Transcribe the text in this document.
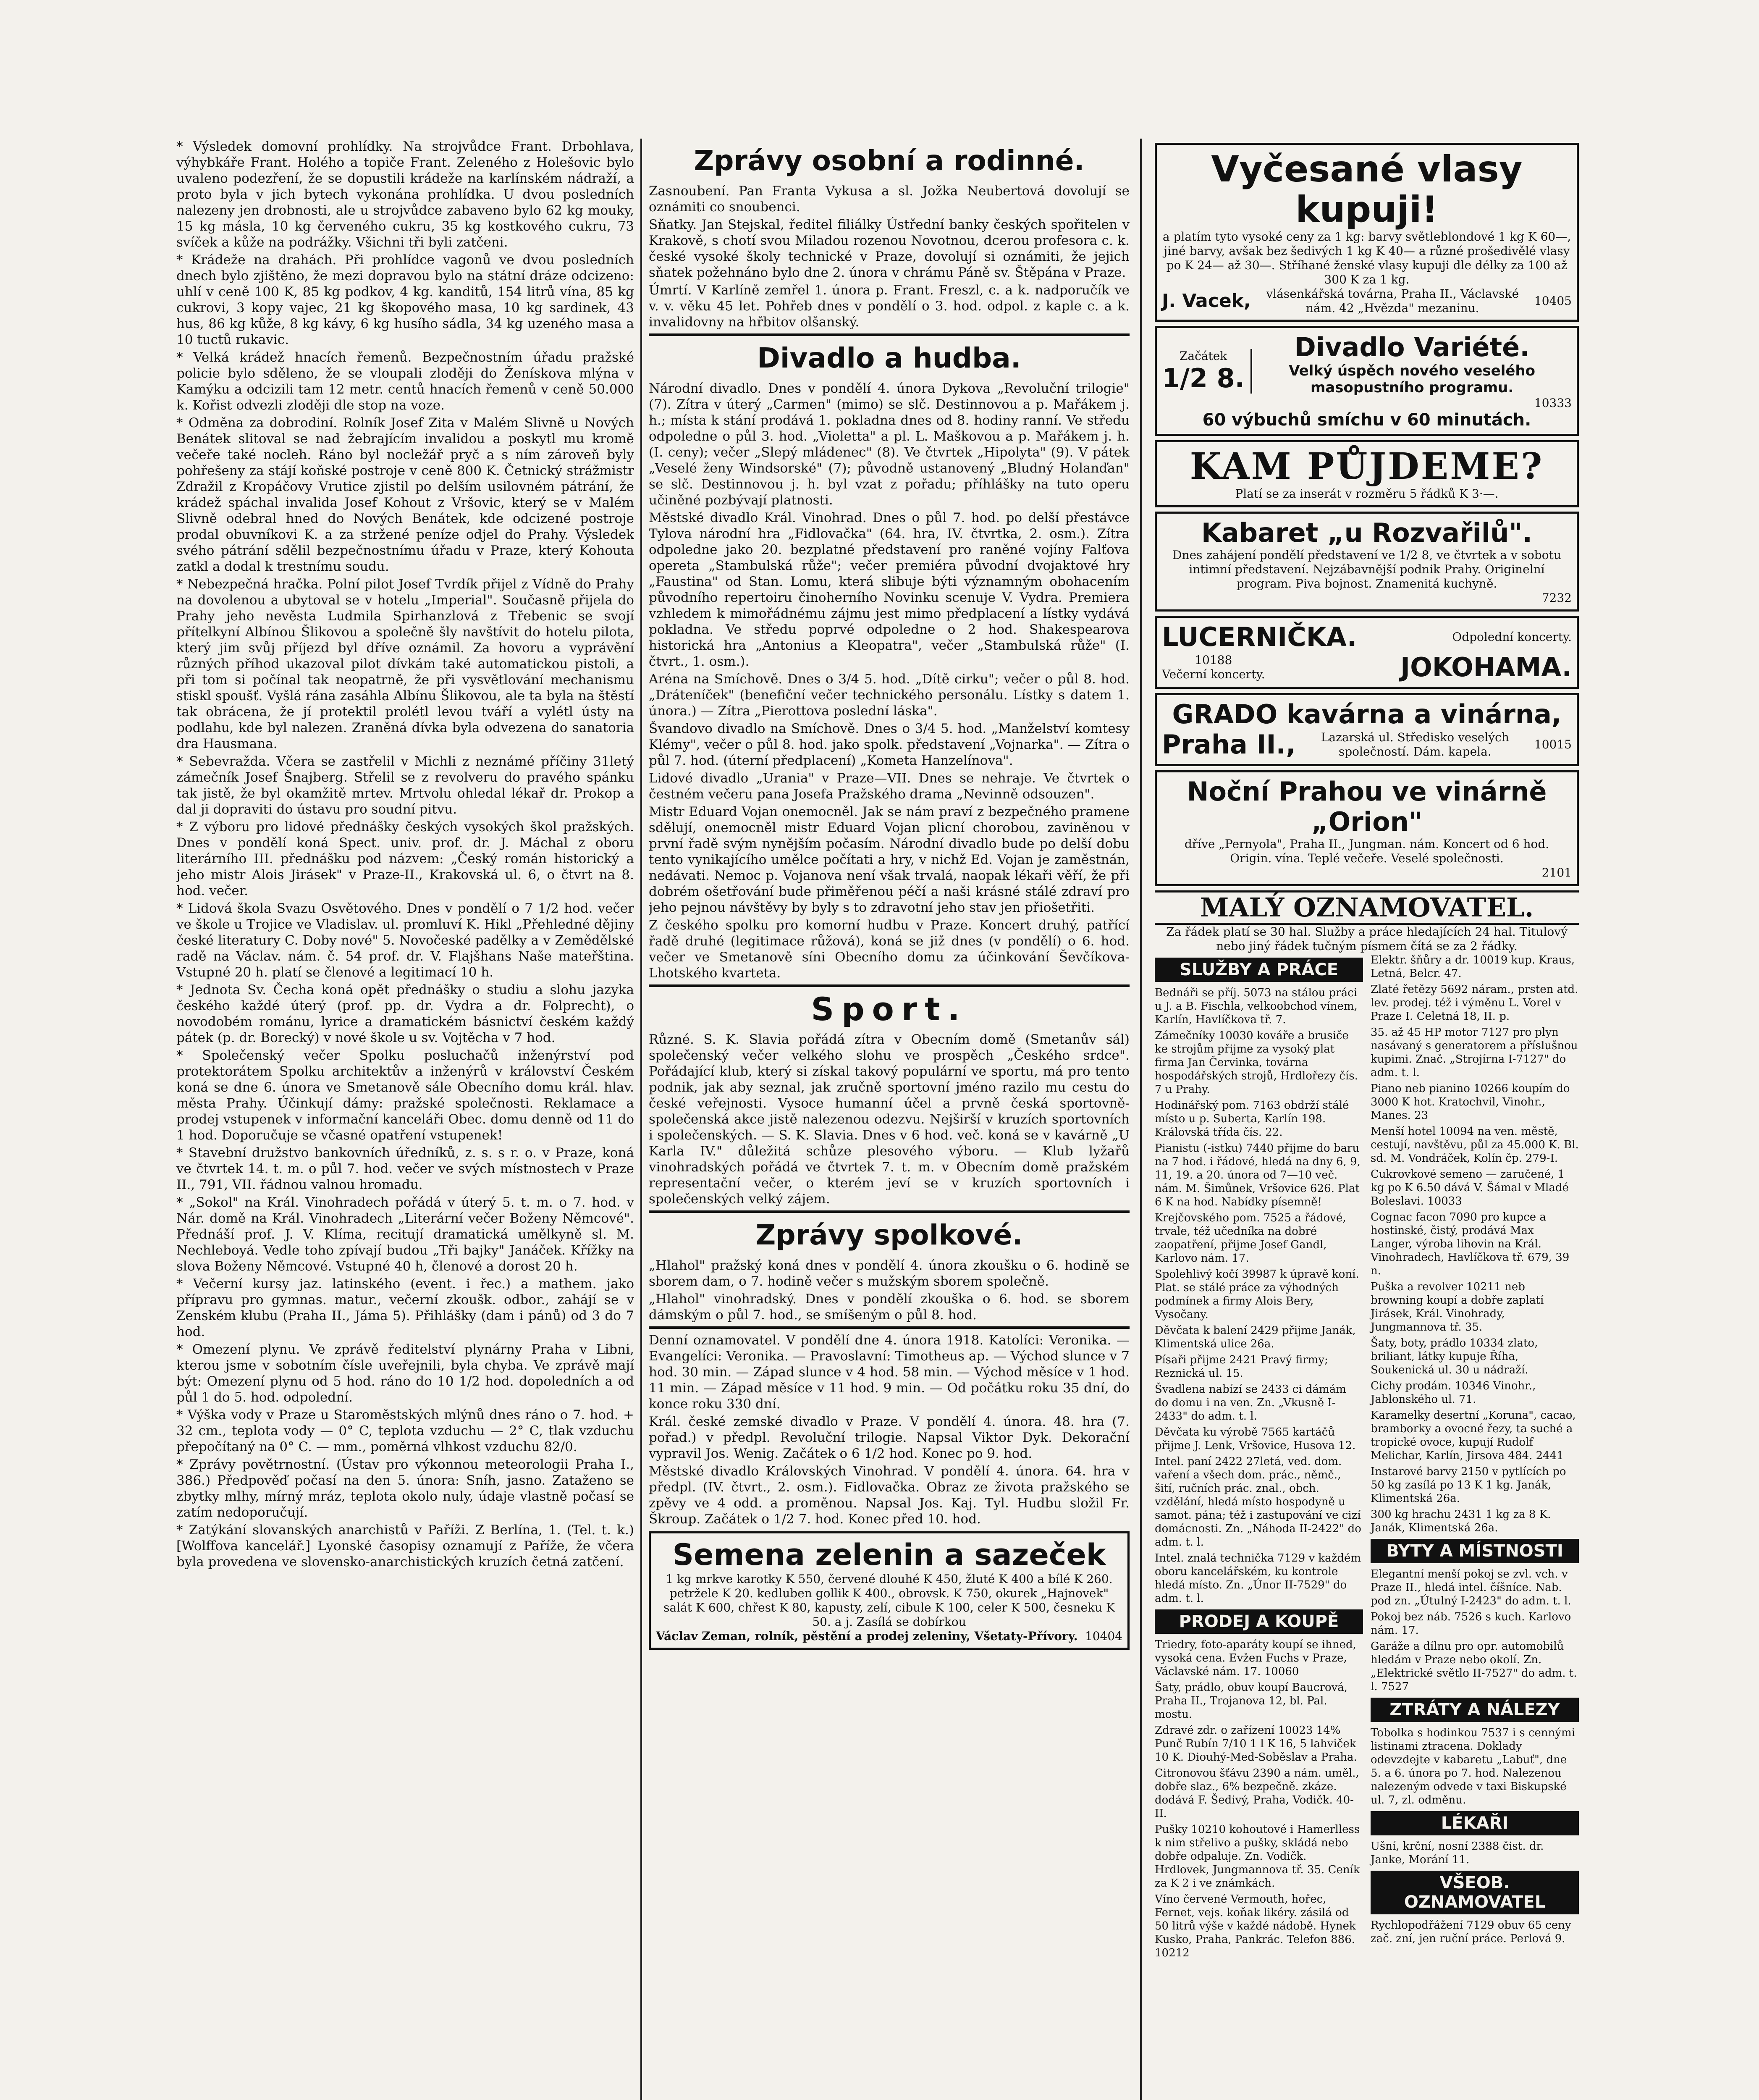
* Výsledek domovní prohlídky. Na strojvůdce Frant. Drbohlava, výhybkáře Frant. Holého a topiče Frant. Zeleného z Holešovic bylo uvaleno podezření, že se dopustili krádeže na karlínském nádraží, a proto byla v jich bytech vykonána prohlídka. U dvou posledních nalezeny jen drobnosti, ale u strojvůdce zabaveno bylo 62 kg mouky, 15 kg másla, 10 kg červeného cukru, 35 kg kostkového cukru, 73 svíček a kůže na podrážky. Všichni tři byli zatčeni.

* Krádeže na drahách. Při prohlídce vagonů ve dvou posledních dnech bylo zjištěno, že mezi dopravou bylo na státní dráze odcizeno: uhlí v ceně 100 K, 85 kg podkov, 4 kg. kanditů, 154 litrů vína, 85 kg cukrovi, 3 kopy vajec, 21 kg škopového masa, 10 kg sardinek, 43 hus, 86 kg kůže, 8 kg kávy, 6 kg husího sádla, 34 kg uzeného masa a 10 tuctů rukavic.

* Velká krádež hnacích řemenů. Bezpečnostním úřadu pražské policie bylo sděleno, že se vloupali zloději do Ženískova mlýna v Kamýku a odcizili tam 12 metr. centů hnacích řemenů v ceně 50.000 k. Kořist odvezli zloději dle stop na voze.

* Odměna za dobrodiní. Rolník Josef Zita v Malém Slivně u Nových Benátek slitoval se nad žebrajícím invalidou a poskytl mu kromě večeře také nocleh. Ráno byl nocležář pryč a s ním zároveň byly pohřešeny za stájí koňské postroje v ceně 800 K. Četnický strážmistr Zdražil z Kropáčovy Vrutice zjistil po delším usilovném pátrání, že krádež spáchal invalida Josef Kohout z Vršovic, který se v Malém Slivně odebral hned do Nových Benátek, kde odcizené postroje prodal obuvníkovi K. a za stržené peníze odjel do Prahy. Výsledek svého pátrání sdělil bezpečnostnímu úřadu v Praze, který Kohouta zatkl a dodal k trestnímu soudu.

* Nebezpečná hračka. Polní pilot Josef Tvrdík přijel z Vídně do Prahy na dovolenou a ubytoval se v hotelu „Imperial". Současně přijela do Prahy jeho nevěsta Ludmila Spirhanzlová z Třebenic se svojí přítelkyní Albínou Šlikovou a společně šly navštívit do hotelu pilota, který jim svůj příjezd byl dříve oznámil. Za hovoru a vyprávění různých příhod ukazoval pilot dívkám také automatickou pistoli, a při tom si počínal tak neopatrně, že při vysvětlování mechanismu stiskl spoušť. Vyšlá rána zasáhla Albínu Šlikovou, ale ta byla na štěstí tak obrácena, že jí protektil prolétl levou tváří a vylétl ústy na podlahu, kde byl nalezen. Zraněná dívka byla odvezena do sanatoria dra Hausmana.

* Sebevražda. Včera se zastřelil v Michli z neznámé příčiny 31letý zámečník Josef Šnajberg. Střelil se z revolveru do pravého spánku tak jistě, že byl okamžitě mrtev. Mrtvolu ohledal lékař dr. Prokop a dal ji dopraviti do ústavu pro soudní pitvu.

* Z výboru pro lidové přednášky českých vysokých škol pražských. Dnes v pondělí koná Spect. univ. prof. dr. J. Máchal z oboru literárního III. přednášku pod názvem: „Český román historický a jeho mistr Alois Jirásek" v Praze-II., Krakovská ul. 6, o čtvrt na 8. hod. večer.

* Lidová škola Svazu Osvětového. Dnes v pondělí o 7 1/2 hod. večer ve škole u Trojice ve Vladislav. ul. promluví K. Hikl „Přehledné dějiny české literatury C. Doby nové" 5. Novočeské padělky a v Zemědělské radě na Václav. nám. č. 54 prof. dr. V. Flajšhans Naše mateřština. Vstupné 20 h. platí se členové a legitimací 10 h.

* Jednota Sv. Čecha koná opět přednášky o studiu a slohu jazyka českého každé úterý (prof. pp. dr. Vydra a dr. Folprecht), o novodobém románu, lyrice a dramatickém básnictví českém každý pátek (p. dr. Borecký) v nové škole u sv. Vojtěcha v 7 hod.

* Společenský večer Spolku posluchačů inženýrství pod protektorátem Spolku architektův a inženýrů v království Českém koná se dne 6. února ve Smetanově sále Obecního domu král. hlav. města Prahy. Účinkují dámy: pražské společnosti. Reklamace a prodej vstupenek v informační kanceláři Obec. domu denně od 11 do 1 hod. Doporučuje se včasné opatření vstupenek!

* Stavební družstvo bankovních úředníků, z. s. s r. o. v Praze, koná ve čtvrtek 14. t. m. o půl 7. hod. večer ve svých místnostech v Praze II., 791, VII. řádnou valnou hromadu.

* „Sokol" na Král. Vinohradech pořádá v úterý 5. t. m. o 7. hod. v Nár. domě na Král. Vinohradech „Literární večer Boženy Němcové". Přednáší prof. J. V. Klíma, recitují dramatická umělkyně sl. M. Nechleboyá. Vedle toho zpívají budou „Tři bajky" Janáček. Křížky na slova Boženy Němcové. Vstupné 40 h, členové a dorost 20 h.

* Večerní kursy jaz. latinského (event. i řec.) a mathem. jako přípravu pro gymnas. matur., večerní zkoušk. odbor., zahájí se v Zenském klubu (Praha II., Jáma 5). Přihlášky (dam i pánů) od 3 do 7 hod.

* Omezení plynu. Ve zprávě ředitelství plynárny Praha v Libni, kterou jsme v sobotním čísle uveřejnili, byla chyba. Ve zprávě mají být: Omezení plynu od 5 hod. ráno do 10 1/2 hod. dopoledních a od půl 1 do 5. hod. odpolední.

* Výška vody v Praze u Staroměstských mlýnů dnes ráno o 7. hod. + 32 cm., teplota vody — 0° C, teplota vzduchu — 2° C, tlak vzduchu přepočítaný na 0° C. — mm., poměrná vlhkost vzduchu 82/0.

* Zprávy povětrnostní. (Ústav pro výkonnou meteorologii Praha I., 386.) Předpověď počasí na den 5. února: Sníh, jasno. Zataženo se zbytky mlhy, mírný mráz, teplota okolo nuly, údaje vlastně počasí se zatím nedoporučují.

* Zatýkání slovanských anarchistů v Paříži. Z Berlína, 1. (Tel. t. k.) [Wolffova kancelář.] Lyonské časopisy oznamují z Paříže, že včera byla provedena ve slovensko-anarchistických kruzích četná zatčení.

Zprávy osobní a rodinné.

Zasnoubení. Pan Franta Vykusa a sl. Jožka Neubertová dovolují se oznámiti co snoubenci.

Sňatky. Jan Stejskal, ředitel filiálky Ústřední banky českých spořitelen v Krakově, s chotí svou Miladou rozenou Novotnou, dcerou profesora c. k. české vysoké školy technické v Praze, dovolují si oznámiti, že jejich sňatek požehnáno bylo dne 2. února v chrámu Páně sv. Štěpána v Praze.

Úmrtí. V Karlíně zemřel 1. února p. Frant. Freszl, c. a k. nadporučík ve v. v. věku 45 let. Pohřeb dnes v pondělí o 3. hod. odpol. z kaple c. a k. invalidovny na hřbitov olšanský.

Divadlo a hudba.

Národní divadlo. Dnes v pondělí 4. února Dykova „Revoluční trilogie" (7). Zítra v úterý „Carmen" (mimo) se slč. Destinnovou a p. Mařákem j. h.; místa k stání prodává 1. pokladna dnes od 8. hodiny ranní. Ve středu odpoledne o půl 3. hod. „Violetta" a pl. L. Maškovou a p. Mařákem j. h. (I. ceny); večer „Slepý mládenec" (8). Ve čtvrtek „Hipolyta" (9). V pátek „Veselé ženy Windsorské" (7); původně ustanovený „Bludný Holanďan" se slč. Destinnovou j. h. byl vzat z pořadu; příhlášky na tuto operu učiněné pozbývají platnosti.

Městské divadlo Král. Vinohrad. Dnes o půl 7. hod. po delší přestávce Tylova národní hra „Fidlovačka" (64. hra, IV. čtvrtka, 2. osm.). Zítra odpoledne jako 20. bezplatné představení pro raněné vojíny Falťova opereta „Stambulská růže"; večer premiéra původní dvojaktové hry „Faustina" od Stan. Lomu, která slibuje býti významným obohacením původního repertoiru činoherního Novinku scenuje V. Vydra. Premiera vzhledem k mimořádnému zájmu jest mimo předplacení a lístky vydává pokladna. Ve středu poprvé odpoledne o 2 hod. Shakespearova historická hra „Antonius a Kleopatra", večer „Stambulská růže" (I. čtvrt., 1. osm.).

Aréna na Smíchově. Dnes o 3/4 5. hod. „Dítě cirku"; večer o půl 8. hod. „Dráteníček" (benefiční večer technického personálu. Lístky s datem 1. února.) — Zítra „Pierottova poslední láska".

Švandovo divadlo na Smíchově. Dnes o 3/4 5. hod. „Manželství komtesy Klémy", večer o půl 8. hod. jako spolk. představení „Vojnarka". — Zítra o půl 7. hod. (úterní předplacení) „Kometa Hanzelínova".

Lidové divadlo „Urania" v Praze—VII. Dnes se nehraje. Ve čtvrtek o čestném večeru pana Josefa Pražského drama „Nevinně odsouzen".

Mistr Eduard Vojan onemocněl. Jak se nám praví z bezpečného pramene sdělují, onemocněl mistr Eduard Vojan plicní chorobou, zaviněnou v první řadě svým nynějším počasím. Národní divadlo bude po delší dobu tento vynikajícího umělce počítati a hry, v nichž Ed. Vojan je zaměstnán, nedávati. Nemoc p. Vojanova není však trvalá, naopak lékaři věří, že při dobrém ošetřování bude přiměřenou péčí a naši krásné stálé zdraví pro jeho pejnou návštěvy by byly s to zdravotní jeho stav jen přiošetřiti.

Z českého spolku pro komorní hudbu v Praze. Koncert druhý, patřící řadě druhé (legitimace růžová), koná se již dnes (v pondělí) o 6. hod. večer ve Smetanově síni Obecního domu za účinkování Ševčíkova-Lhotského kvarteta.

Sport.

Různé. S. K. Slavia pořádá zítra v Obecním domě (Smetanův sál) společenský večer velkého slohu ve prospěch „Českého srdce". Pořádající klub, který si získal takový populární ve sportu, má pro tento podnik, jak aby seznal, jak zručně sportovní jméno razilo mu cestu do české veřejnosti. Vysoce humanní účel a prvně česká sportovně-společenská akce jistě nalezenou odezvu. Nejširší v kruzích sportovních i společenských. — S. K. Slavia. Dnes v 6 hod. več. koná se v kavárně „U Karla IV." důležitá schůze plesového výboru. — Klub lyžařů vinohradských pořádá ve čtvrtek 7. t. m. v Obecním domě pražském representační večer, o kterém jeví se v kruzích sportovních i společenských velký zájem.

Zprávy spolkové.

„Hlahol" pražský koná dnes v pondělí 4. února zkoušku o 6. hodině se sborem dam, o 7. hodině večer s mužským sborem společně.

„Hlahol" vinohradský. Dnes v pondělí zkouška o 6. hod. se sborem dámským o půl 7. hod., se smíšeným o půl 8. hod.

Denní oznamovatel. V pondělí dne 4. února 1918. Katolíci: Veronika. — Evangelíci: Veronika. — Pravoslavní: Timotheus ap. — Východ slunce v 7 hod. 30 min. — Západ slunce v 4 hod. 58 min. — Východ měsíce v 1 hod. 11 min. — Západ měsíce v 11 hod. 9 min. — Od počátku roku 35 dní, do konce roku 330 dní.

Král. české zemské divadlo v Praze. V pondělí 4. února. 48. hra (7. pořad.) v předpl. Revoluční trilogie. Napsal Viktor Dyk. Dekorační vypravil Jos. Wenig. Začátek o 6 1/2 hod. Konec po 9. hod.

Městské divadlo Královských Vinohrad. V pondělí 4. února. 64. hra v předpl. (IV. čtvrt., 2. osm.). Fidlovačka. Obraz ze života pražského se zpěvy ve 4 odd. a proměnou. Napsal Jos. Kaj. Tyl. Hudbu složil Fr. Škroup. Začátek o 1/2 7. hod. Konec před 10. hod.

Semena zelenin a sazeček
1 kg mrkve karotky K 550, červené dlouhé K 450, žluté K 400 a bílé K 260. petržele K 20. kedluben gollik K 400., obrovsk. K 750, okurek „Hajnovek" salát K 600, chřest K 80, kapusty, zelí, cibule K 100, celer K 500, česneku K 50. a j. Zasílá se dobírkou
Václav Zeman, rolník, pěstění a prodej zeleniny, Všetaty-Přívory. 10404
Vyčesané vlasy kupuji!
a platím tyto vysoké ceny za 1 kg: barvy světleblondové 1 kg K 60—, jiné barvy, avšak bez šedivých 1 kg K 40— a různé prošedivělé vlasy po K 24— až 30—. Stříhané ženské vlasy kupuji dle délky za 100 až 300 K za 1 kg.
J. Vacek,	vlásenkářská továrna, Praha II., Václavské nám. 42 „Hvězda" mezaninu.
10405
Začátek
1/2 8.
Divadlo Variété.
Velký úspěch nového veselého masopustního programu.
10333
60 výbuchů smíchu v 60 minutách.
KAM PŮJDEME?
Platí se za inserát v rozměru 5 řádků K 3·—.
Kabaret „u Rozvařilů".
Dnes zahájení pondělí představení ve 1/2 8, ve čtvrtek a v sobotu intimní představení. Nejzábavnější podnik Prahy. Originelní program. Piva bojnost. Znamenitá kuchyně.
7232
LUCERNIČKA.	Odpolední koncerty.
10188
Večerní koncerty.	JOKOHAMA.
GRADO kavárna a vinárna,
Praha II.,	Lazarská ul. Středisko veselých společností. Dám. kapela.
10015
Noční Prahou ve vinárně „Orion"
dříve „Pernyola", Praha II., Jungman. nám. Koncert od 6 hod. Origin. vína. Teplé večeře. Veselé společnosti.
2101
MALÝ OZNAMOVATEL.
Za řádek platí se 30 hal. Služby a práce hledajících 24 hal. Titulový nebo jiný řádek tučným písmem čítá se za 2 řádky.
SLUŽBY A PRÁCE
Bednáři se příj. 5073 na stálou práci u J. a B. Fischla, velkoobchod vínem, Karlín, Havlíčkova tř. 7.
Zámečníky 10030 kováře a brusiče ke strojům přijme za vysoký plat firma Jan Červinka, továrna hospodářských strojů, Hrdlořezy čís. 7 u Prahy.
Hodinářský pom. 7163 obdrží stálé místo u p. Suberta, Karlín 198. Královská třída čís. 22.
Pianistu (-istku) 7440 přijme do baru na 7 hod. i řádové, hledá na dny 6, 9, 11, 19. a 20. února od 7—10 več. nám. M. Šimůnek, Vršovice 626. Plat 6 K na hod. Nabídky písemně!
Krejčovského pom. 7525 a řádové, trvale, též učedníka na dobré zaopatření, přijme Josef Gandl, Karlovo nám. 17.
Spolehlivý kočí 39987 k úpravě koní. Plat. se stálé práce za výhodných podmínek a firmy Alois Bery, Vysočany.
Děvčata k balení 2429 přijme Janák, Klimentská ulice 26a.
Písaři přijme 2421 Pravý firmy; Reznická ul. 15.
Švadlena nabízí se 2433 ci dámám do domu i na ven. Zn. „Vkusně I-2433" do adm. t. l.
Děvčata ku výrobě 7565 kartáčů přijme J. Lenk, Vršovice, Husova 12.
Intel. paní 2422 27letá, ved. dom. vaření a všech dom. prác., němč., šití, ručních prác. znal., obch. vzdělání, hledá místo hospodyně u samot. pána; též i zastupování ve cizí domácnosti. Zn. „Náhoda II-2422" do adm. t. l.
Intel. znalá technička 7129 v každém oboru kancelářském, ku kontrole hledá místo. Zn. „Únor II-7529" do adm. t. l.
PRODEJ A KOUPĚ
Triedry, foto-aparáty koupí se ihned, vysoká cena. Evžen Fuchs v Praze, Václavské nám. 17. 10060
Šaty, prádlo, obuv koupí Baucrová, Praha II., Trojanova 12, bl. Pal. mostu.
Zdravé zdr. o zařízení 10023 14% Punč Rubín 7/10 1 l K 16, 5 lahviček 10 K. Diouhý-Med-Soběslav a Praha.
Citronovou šťávu 2390 a nám. uměl., dobře slaz., 6% bezpečně. zkáze. dodává F. Šedivý, Praha, Vodičk. 40-II.
Pušky 10210 kohoutové i Hamerlless k nim střelivo a pušky, skládá nebo dobře odpaluje. Zn. Vodičk. Hrdlovek, Jungmannova tř. 35. Ceník za K 2 i ve známkách.
Víno červené Vermouth, hořec, Fernet, vejs. koňak likéry. zásilá od 50 litrů výše v každé nádobě. Hynek Kusko, Praha, Pankrác. Telefon 886. 10212
Elektr. šňůry a dr. 10019 kup. Kraus, Letná, Belcr. 47.
Zlaté řetězy 5692 náram., prsten atd. lev. prodej. též i výměnu L. Vorel v Praze I. Celetná 18, II. p.
35. až 45 HP motor 7127 pro plyn nasávaný s generatorem a příslušnou kupimi. Znač. „Strojírna I-7127" do adm. t. l.
Piano neb pianino 10266 koupím do 3000 K hot. Kratochvil, Vinohr., Manes. 23
Menší hotel 10094 na ven. městě, cestují, navštěvu, půl za 45.000 K. Bl. sd. M. Vondráček, Kolín čp. 279-I.
Cukrovkové semeno — zaručené, 1 kg po K 6.50 dává V. Šámal v Mladé Boleslavi. 10033
Cognac facon 7090 pro kupce a hostinské, čistý, prodává Max Langer, výroba lihovin na Král. Vinohradech, Havlíčkova tř. 679, 39 n.
Puška a revolver 10211 neb browning koupí a dobře zaplatí Jirásek, Král. Vinohrady, Jungmannova tř. 35.
Šaty, boty, prádlo 10334 zlato, briliant, látky kupuje Říha, Soukenická ul. 30 u nádraží.
Cichy prodám. 10346 Vinohr., Jablonského ul. 71.
Karamelky desertní „Koruna", cacao, bramborky a ovocné řezy, ta suché a tropické ovoce, kupují Rudolf Melichar, Karlín, Jirsova 484. 2441
Instarové barvy 2150 v pytlících po 50 kg zasílá po 13 K 1 kg. Janák, Klimentská 26a.
300 kg hrachu 2431 1 kg za 8 K. Janák, Klimentská 26a.
BYTY A MÍSTNOSTI
Elegantní menší pokoj se zvl. vch. v Praze II., hledá intel. číšníce. Nab. pod zn. „Útulný I-2423" do adm. t. l.
Pokoj bez náb. 7526 s kuch. Karlovo nám. 17.
Garáže a dílnu pro opr. automobilů hledám v Praze nebo okolí. Zn. „Elektrické světlo II-7527" do adm. t. l. 7527
ZTRÁTY A NÁLEZY
Tobolka s hodinkou 7537 i s cennými listinami ztracena. Doklady odevzdejte v kabaretu „Labuť", dne 5. a 6. února po 7. hod. Nalezenou nalezeným odvede v taxi Biskupské ul. 7, zl. odměnu.
LÉKAŘI
Ušní, krční, nosní 2388 čist. dr. Janke, Morání 11.
VŠEOB. OZNAMOVATEL
Rychlopodřážení 7129 obuv 65 ceny zač. zní, jen ruční práce. Perlová 9.
